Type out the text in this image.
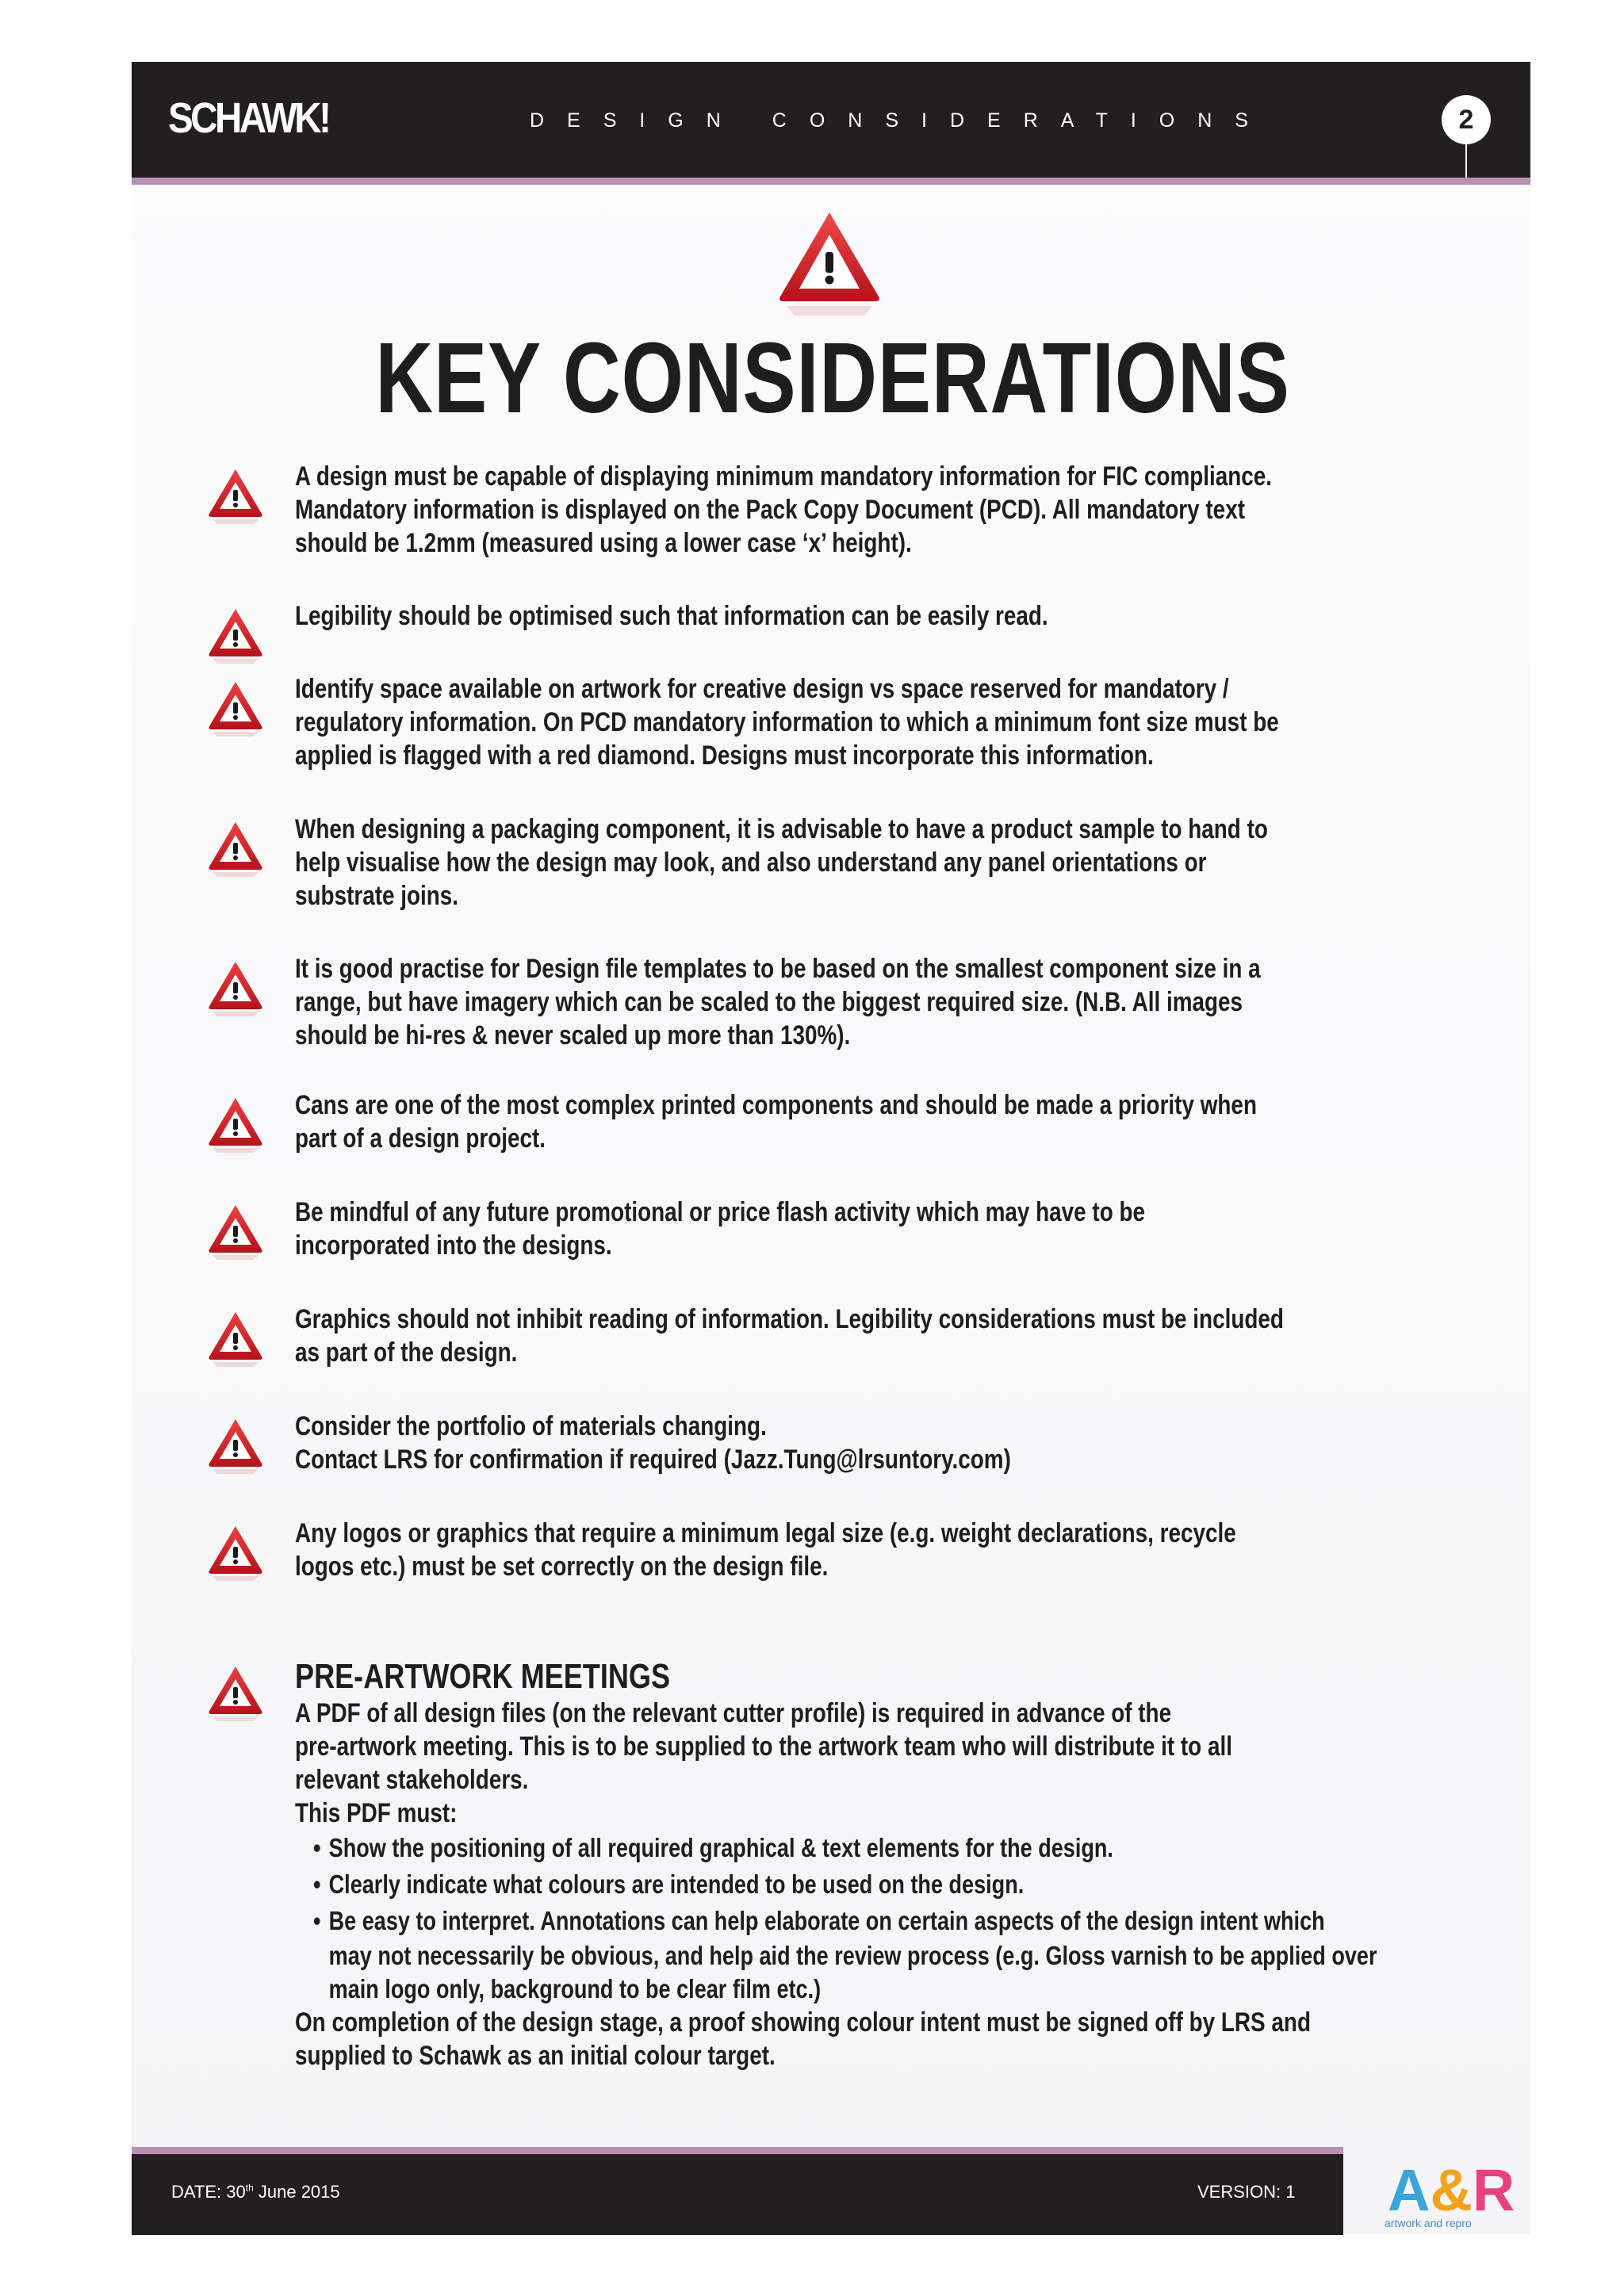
SCHAWK!	DESIGN CONSIDERATIONS	2
KEY CONSIDERATIONS
A design must be capable of displaying minimum mandatory information for FIC compliance.
Mandatory information is displayed on the Pack Copy Document (PCD). All mandatory text
should be 1.2mm (measured using a lower case ‘x’ height).
Legibility should be optimised such that information can be easily read.
Identify space available on artwork for creative design vs space reserved for mandatory /
regulatory information. On PCD mandatory information to which a minimum font size must be
applied is flagged with a red diamond. Designs must incorporate this information.
When designing a packaging component, it is advisable to have a product sample to hand to
help visualise how the design may look, and also understand any panel orientations or
substrate joins.
It is good practise for Design file templates to be based on the smallest component size in a
range, but have imagery which can be scaled to the biggest required size. (N.B. All images
should be hi-res & never scaled up more than 130%).
Cans are one of the most complex printed components and should be made a priority when
part of a design project.
Be mindful of any future promotional or price flash activity which may have to be
incorporated into the designs.
Graphics should not inhibit reading of information. Legibility considerations must be included
as part of the design.
Consider the portfolio of materials changing.
Contact LRS for confirmation if required (Jazz.Tung@lrsuntory.com)
Any logos or graphics that require a minimum legal size (e.g. weight declarations, recycle
logos etc.) must be set correctly on the design file.
PRE-ARTWORK MEETINGS
A PDF of all design files (on the relevant cutter profile) is required in advance of the
pre-artwork meeting. This is to be supplied to the artwork team who will distribute it to all
relevant stakeholders.
This PDF must:
• Show the positioning of all required graphical & text elements for the design.
• Clearly indicate what colours are intended to be used on the design.
• Be easy to interpret. Annotations can help elaborate on certain aspects of the design intent which
may not necessarily be obvious, and help aid the review process (e.g. Gloss varnish to be applied over
main logo only, background to be clear film etc.)
On completion of the design stage, a proof showing colour intent must be signed off by LRS and
supplied to Schawk as an initial colour target.
DATE: 30th June 2015	VERSION: 1 A&R
artwork and repro
